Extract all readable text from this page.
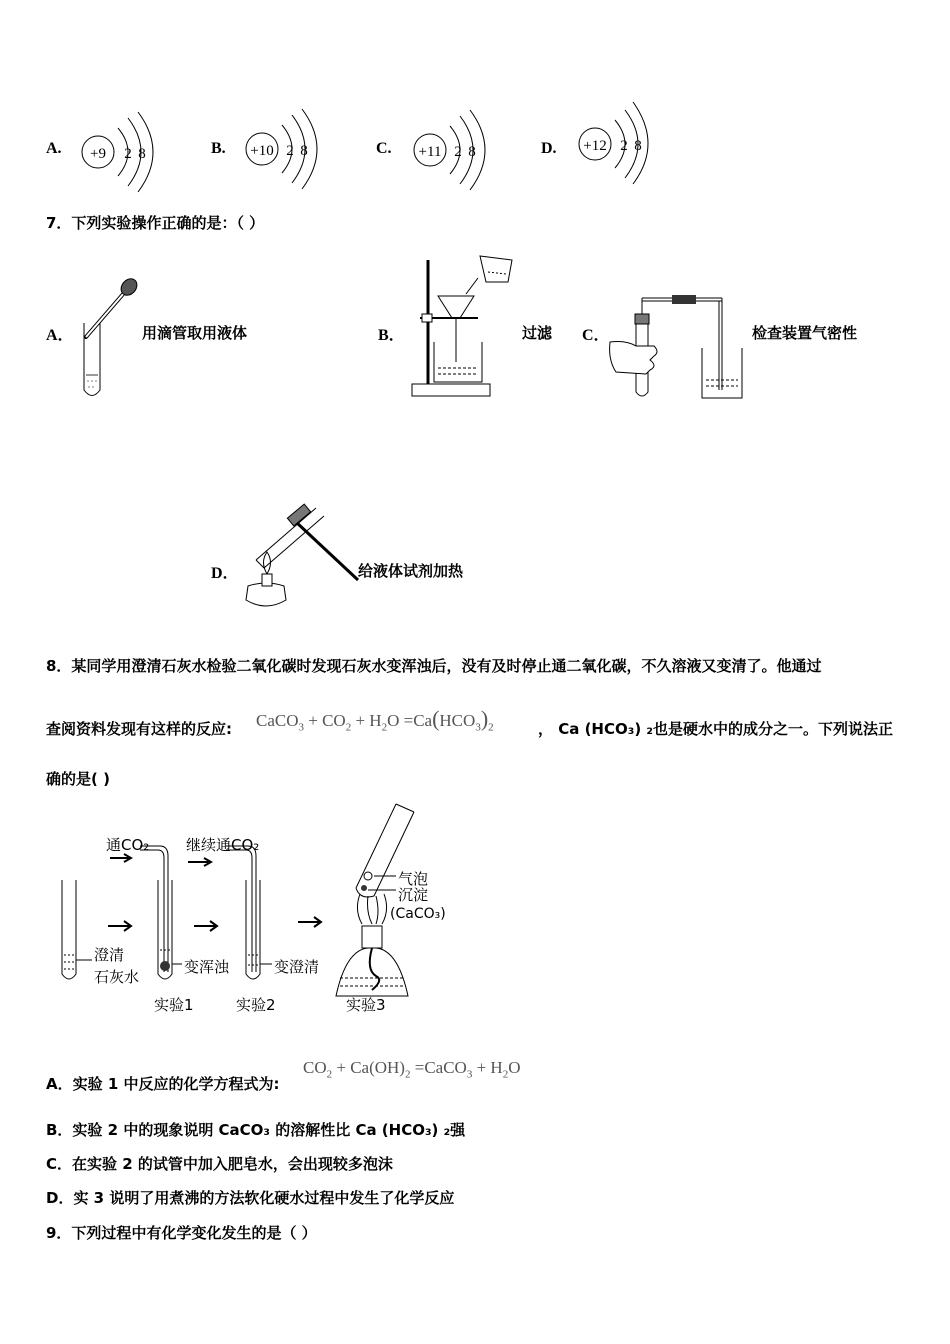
A. +9 2 8	B. +10 2 8	C. +11 2 8	D. +12 2 8
7．下列实验操作正确的是：（ ）
A．	用滴管取用液体	B．	过滤 C．	检查装置气密性
D．	给液体试剂加热
8．某同学用澄清石灰水检验二氧化碳时发现石灰水变浑浊后，没有及时停止通二氧化碳，不久溶液又变清了。他通过
查阅资料发现有这样的反应: CaCO$_3$ + $CO_2 + H_2O =Ca(HCO_3)_2$	， Ca (HCO₃) ₂也是硬水中的成分之一。下列说法正
确的是( )
通CO₂ 继续通CO₂
澄清
石灰水
变浑浊	变澄清
气泡
沉淀
(CaCO₃)
实验1	实验2	实验3
A．实验 1 中反应的化学方程式为:
$CO_2 + Ca(OH)_2$ =CaCO$_3$ + $H_2O$
B．实验 2 中的现象说明 CaCO₃ 的溶解性比 Ca (HCO₃) ₂强
C．在实验 2 的试管中加入肥皂水，会出现较多泡沫
D．实 3 说明了用煮沸的方法软化硬水过程中发生了化学反应
9．下列过程中有化学变化发生的是（ ）
